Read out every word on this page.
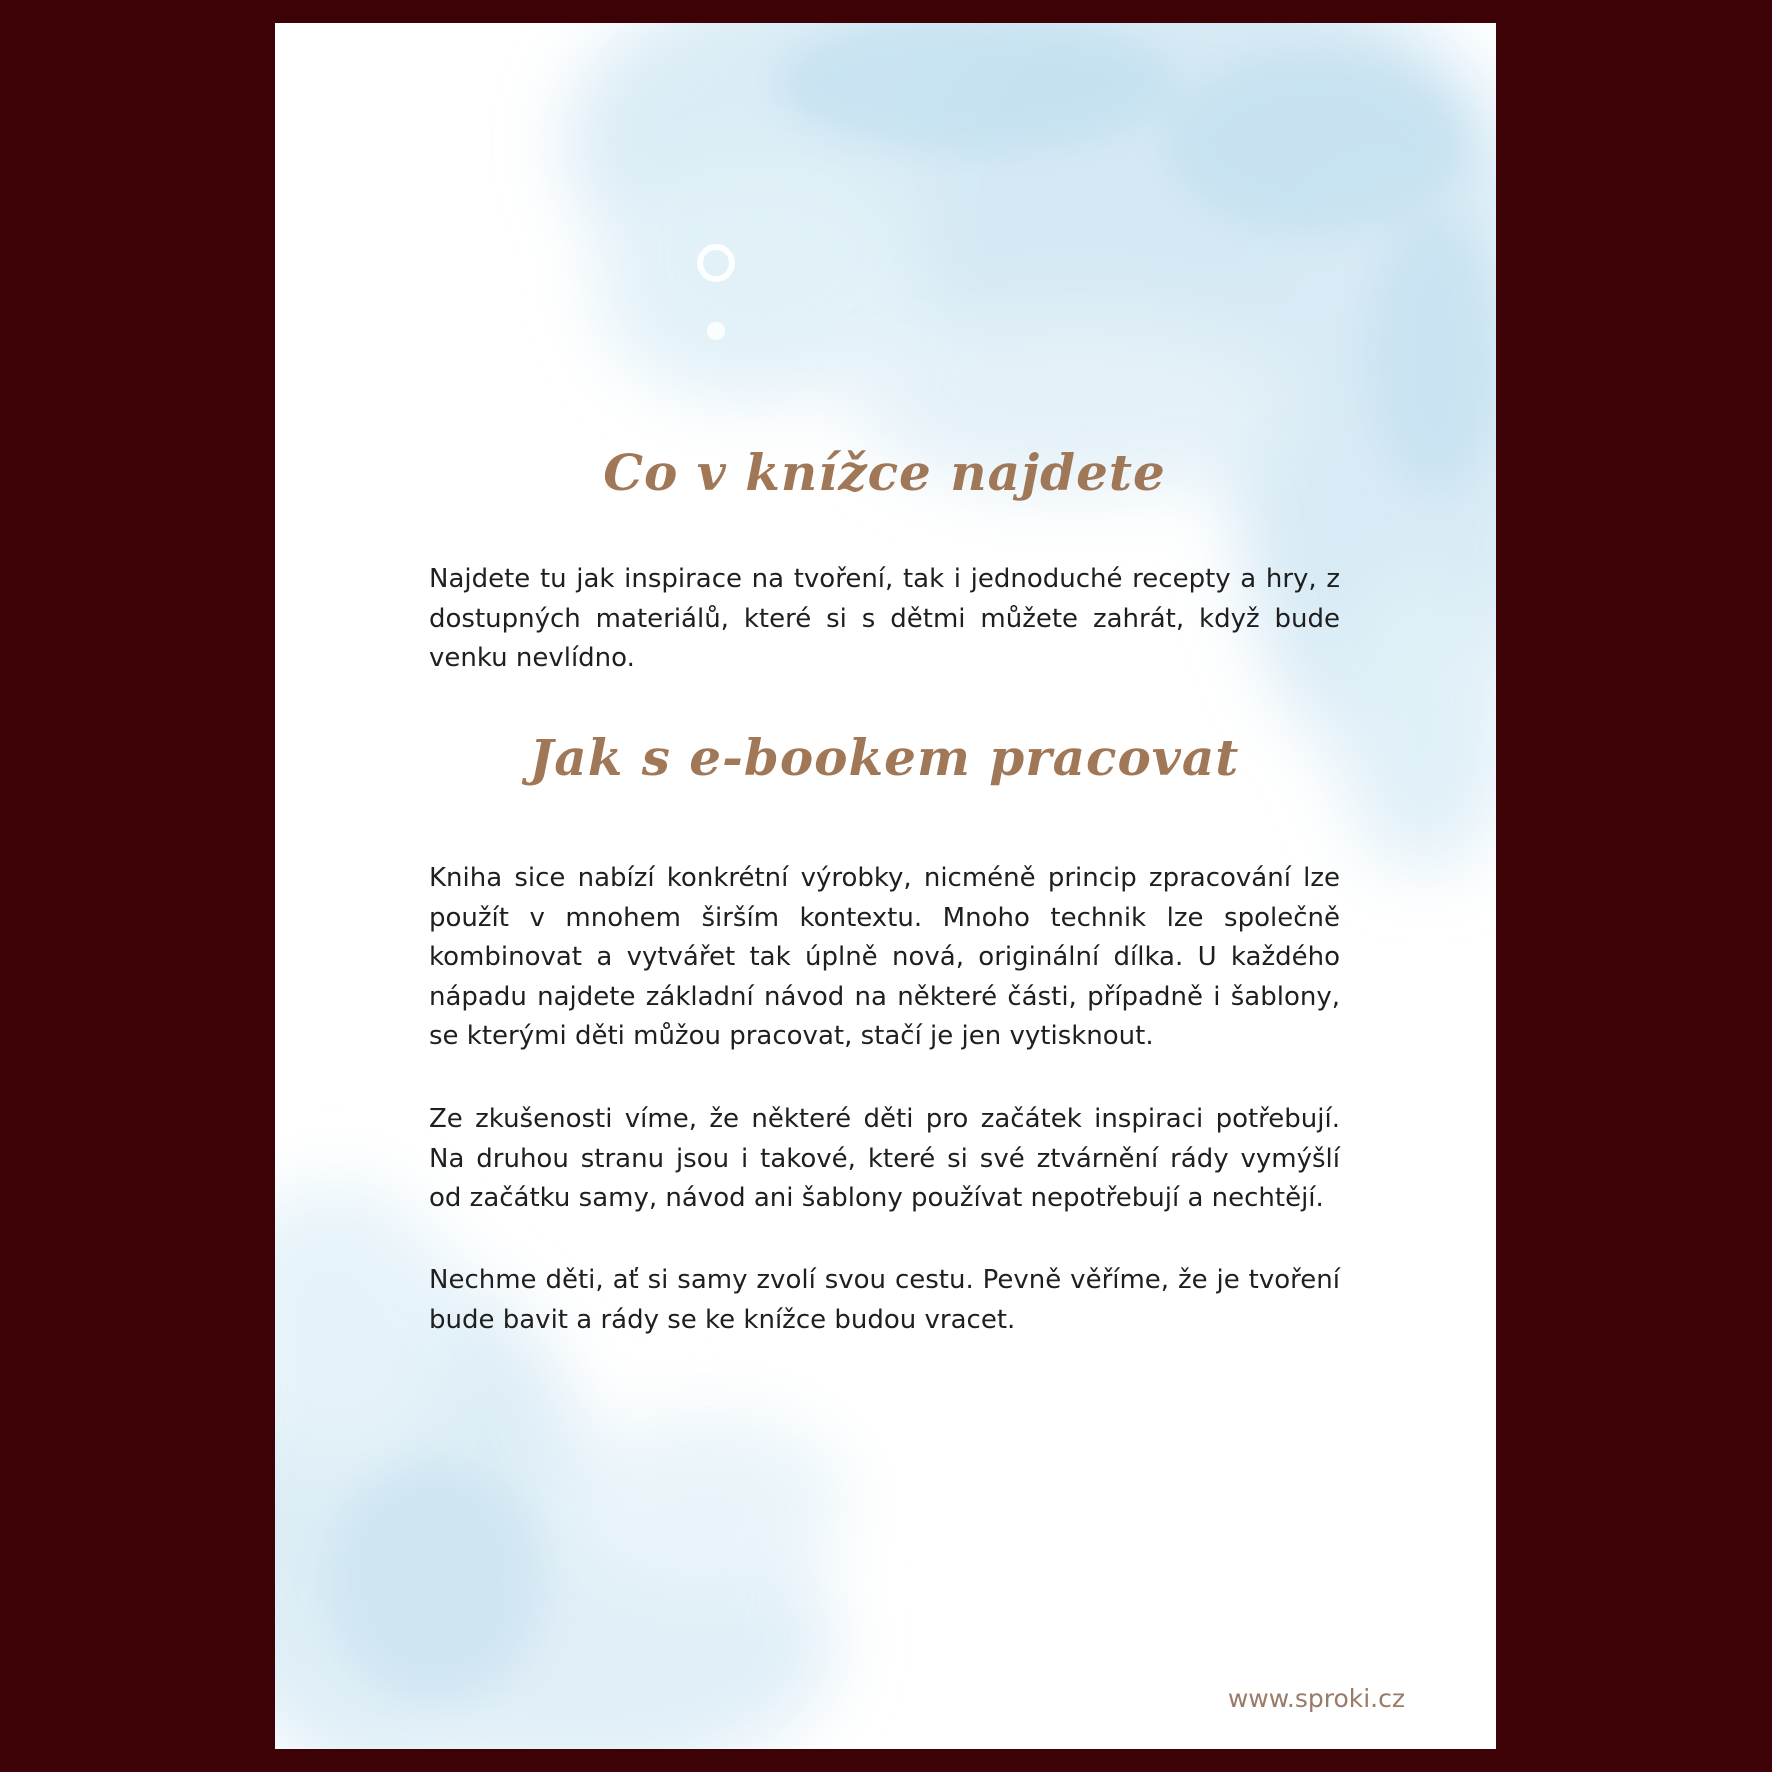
Co v knížce najdete

Najdete tu jak inspirace na tvoření, tak i jednoduché recepty a hry, z dostupných materiálů, které si s dětmi můžete zahrát, když bude venku nevlídno.

Jak s e-bookem pracovat

Kniha sice nabízí konkrétní výrobky, nicméně princip zpracování lze použít v mnohem širším kontextu. Mnoho technik lze společně kombinovat a vytvářet tak úplně nová, originální dílka. U každého nápadu najdete základní návod na některé části, případně i šablony, se kterými děti můžou pracovat, stačí je jen vytisknout.

Ze zkušenosti víme, že některé děti pro začátek inspiraci potřebují. Na druhou stranu jsou i takové, které si své ztvárnění rády vymýšlí od začátku samy, návod ani šablony používat nepotřebují a nechtějí.

Nechme děti, ať si samy zvolí svou cestu. Pevně věříme, že je tvoření bude bavit a rády se ke knížce budou vracet.

www.sproki.cz
